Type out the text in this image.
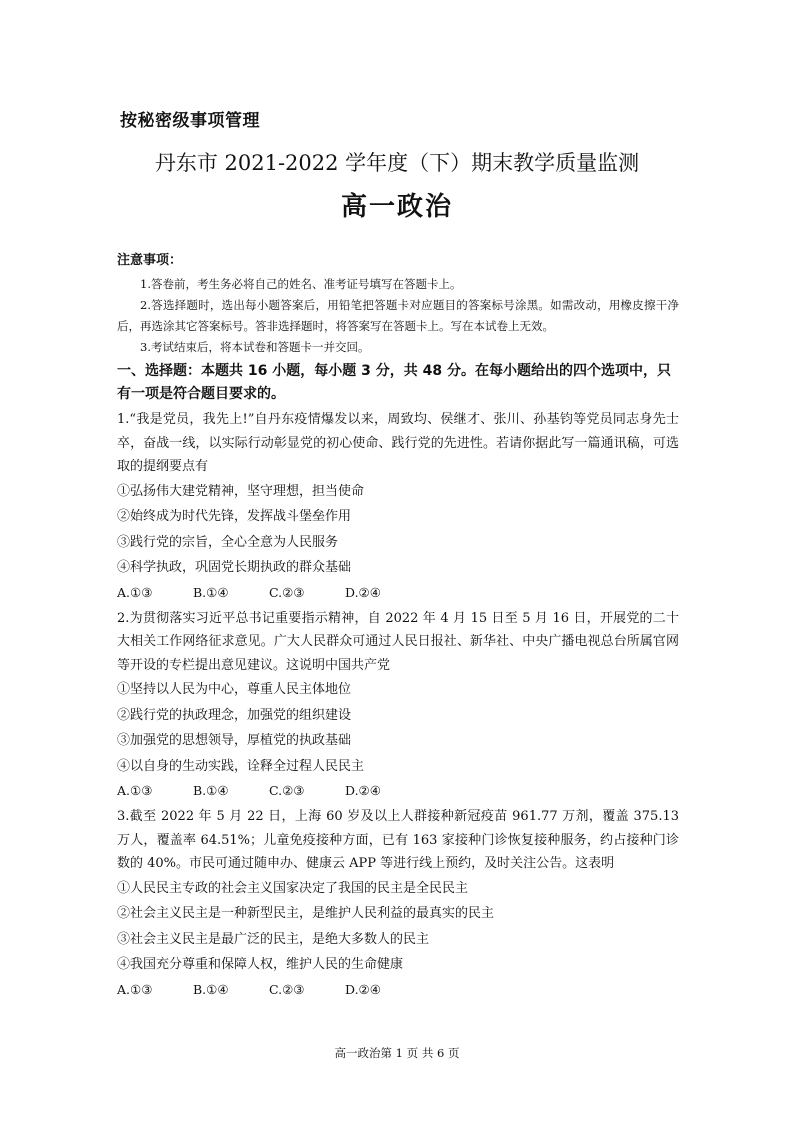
按秘密级事项管理
丹东市 2021-2022 学年度（下）期末教学质量监测
高一政治
注意事项：

1.答卷前，考生务必将自己的姓名、准考证号填写在答题卡上。

2.答选择题时，选出每小题答案后，用铅笔把答题卡对应题目的答案标号涂黑。如需改动，用橡皮擦干净后，再选涂其它答案标号。答非选择题时，将答案写在答题卡上。写在本试卷上无效。

3.考试结束后，将本试卷和答题卡一并交回。

一、选择题：本题共 16 小题，每小题 3 分，共 48 分。在每小题给出的四个选项中，只有一项是符合题目要求的。

1.“我是党员，我先上!”自丹东疫情爆发以来，周致均、侯继才、张川、孙基钧等党员同志身先士卒，奋战一线，以实际行动彰显党的初心使命、践行党的先进性。若请你据此写一篇通讯稿，可选取的提纲要点有

①弘扬伟大建党精神，坚守理想，担当使命

②始终成为时代先锋，发挥战斗堡垒作用

③践行党的宗旨，全心全意为人民服务

④科学执政，巩固党长期执政的群众基础

A.①③	B.①④	C.②③	D.②④

2.为贯彻落实习近平总书记重要指示精神，自 2022 年 4 月 15 日至 5 月 16 日，开展党的二十大相关工作网络征求意见。广大人民群众可通过人民日报社、新华社、中央广播电视总台所属官网等开设的专栏提出意见建议。这说明中国共产党

①坚持以人民为中心，尊重人民主体地位

②践行党的执政理念，加强党的组织建设

③加强党的思想领导，厚植党的执政基础

④以自身的生动实践，诠释全过程人民民主

A.①③	B.①④	C.②③	D.②④

3.截至 2022 年 5 月 22 日，上海 60 岁及以上人群接种新冠疫苗 961.77 万剂，覆盖 375.13 万人，覆盖率 64.51%；儿童免疫接种方面，已有 163 家接种门诊恢复接种服务，约占接种门诊数的 40%。市民可通过随申办、健康云 APP 等进行线上预约，及时关注公告。这表明

①人民民主专政的社会主义国家决定了我国的民主是全民民主

②社会主义民主是一种新型民主，是维护人民利益的最真实的民主

③社会主义民主是最广泛的民主，是绝大多数人的民主

④我国充分尊重和保障人权，维护人民的生命健康

A.①③	B.①④	C.②③	D.②④
高一政治第 1 页 共 6 页
